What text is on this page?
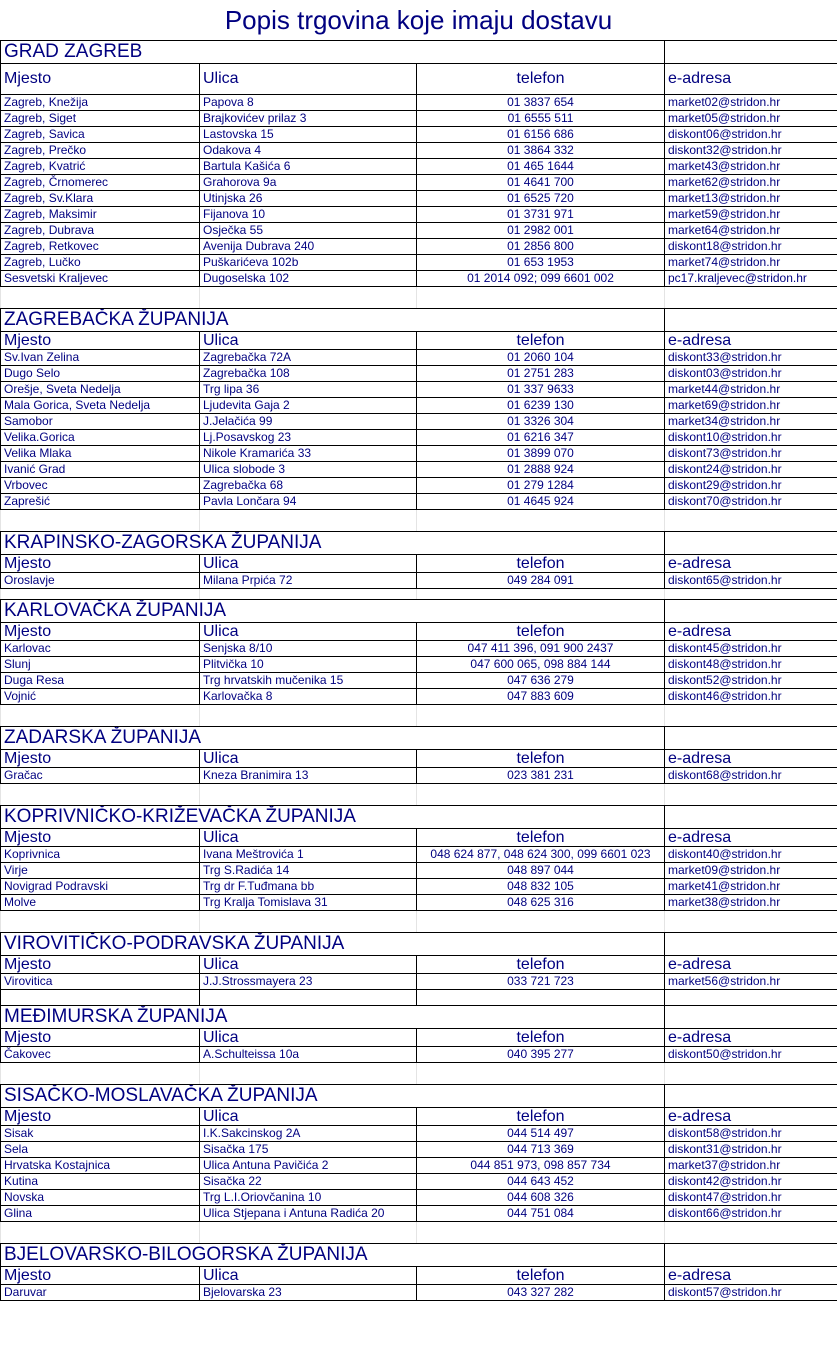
Popis trgovina koje imaju dostavu
GRAD ZAGREB			
Mjesto	Ulica	telefon	e-adresa
Zagreb, Knežija	Papova 8	01 3837 654	market02@stridon.hr
Zagreb, Siget	Brajkovićev prilaz 3	01 6555 511	market05@stridon.hr
Zagreb, Savica	Lastovska 15	01 6156 686	diskont06@stridon.hr
Zagreb, Prečko	Odakova 4	01 3864 332	diskont32@stridon.hr
Zagreb, Kvatrić	Bartula Kašića 6	01 465 1644	market43@stridon.hr
Zagreb, Črnomerec	Grahorova 9a	01 4641 700	market62@stridon.hr
Zagreb, Sv.Klara	Utinjska 26	01 6525 720	market13@stridon.hr
Zagreb, Maksimir	Fijanova 10	01 3731 971	market59@stridon.hr
Zagreb, Dubrava	Osječka 55	01 2982 001	market64@stridon.hr
Zagreb, Retkovec	Avenija Dubrava 240	01 2856 800	diskont18@stridon.hr
Zagreb, Lučko	Puškarićeva 102b	01 653 1953	market74@stridon.hr
Sesvetski Kraljevec	Dugoselska 102	01 2014 092; 099 6601 002	pc17.kraljevec@stridon.hr

ZAGREBAČKA ŽUPANIJA			
Mjesto	Ulica	telefon	e-adresa
Sv.Ivan Zelina	Zagrebačka 72A	01 2060 104	diskont33@stridon.hr
Dugo Selo	Zagrebačka 108	01 2751 283	diskont03@stridon.hr
Orešje, Sveta Nedelja	Trg lipa 36	01 337 9633	market44@stridon.hr
Mala Gorica, Sveta Nedelja	Ljudevita Gaja 2	01 6239 130	market69@stridon.hr
Samobor	J.Jelačića 99	01 3326 304	market34@stridon.hr
Velika.Gorica	Lj.Posavskog 23	01 6216 347	diskont10@stridon.hr
Velika Mlaka	Nikole Kramarića 33	01 3899 070	diskont73@stridon.hr
Ivanić Grad	Ulica slobode 3	01 2888 924	diskont24@stridon.hr
Vrbovec	Zagrebačka 68	01 279 1284	diskont29@stridon.hr
Zaprešić	Pavla Lončara 94	01 4645 924	diskont70@stridon.hr

KRAPINSKO-ZAGORSKA ŽUPANIJA			
Mjesto	Ulica	telefon	e-adresa
Oroslavje	Milana Prpića 72	049 284 091	diskont65@stridon.hr

KARLOVAČKA ŽUPANIJA			
Mjesto	Ulica	telefon	e-adresa
Karlovac	Senjska 8/10	047 411 396, 091 900 2437	diskont45@stridon.hr
Slunj	Plitvička 10	047 600 065, 098 884 144	diskont48@stridon.hr
Duga Resa	Trg hrvatskih mučenika 15	047 636 279	diskont52@stridon.hr
Vojnić	Karlovačka 8	047 883 609	diskont46@stridon.hr

ZADARSKA ŽUPANIJA			
Mjesto	Ulica	telefon	e-adresa
Gračac	Kneza Branimira 13	023 381 231	diskont68@stridon.hr

KOPRIVNIČKO-KRIŽEVAČKA ŽUPANIJA			
Mjesto	Ulica	telefon	e-adresa
Koprivnica	Ivana Meštrovića 1	048 624 877, 048 624 300, 099 6601 023	diskont40@stridon.hr
Virje	Trg S.Radića 14	048 897 044	market09@stridon.hr
Novigrad Podravski	Trg dr F.Tuđmana bb	048 832 105	market41@stridon.hr
Molve	Trg Kralja Tomislava 31	048 625 316	market38@stridon.hr

VIROVITIČKO-PODRAVSKA ŽUPANIJA			
Mjesto	Ulica	telefon	e-adresa
Virovitica	J.J.Strossmayera 23	033 721 723	market56@stridon.hr

MEĐIMURSKA ŽUPANIJA			
Mjesto	Ulica	telefon	e-adresa
Čakovec	A.Schulteissa 10a	040 395 277	diskont50@stridon.hr

SISAČKO-MOSLAVAČKA ŽUPANIJA			
Mjesto	Ulica	telefon	e-adresa
Sisak	I.K.Sakcinskog 2A	044 514 497	diskont58@stridon.hr
Sela	Sisačka 175	044 713 369	diskont31@stridon.hr
Hrvatska Kostajnica	Ulica Antuna Pavičića 2	044 851 973, 098 857 734	market37@stridon.hr
Kutina	Sisačka 22	044 643 452	diskont42@stridon.hr
Novska	Trg L.I.Oriovčanina 10	044 608 326	diskont47@stridon.hr
Glina	Ulica Stjepana i Antuna Radića 20	044 751 084	diskont66@stridon.hr

BJELOVARSKO-BILOGORSKA ŽUPANIJA			
Mjesto	Ulica	telefon	e-adresa
Daruvar	Bjelovarska 23	043 327 282	diskont57@stridon.hr
